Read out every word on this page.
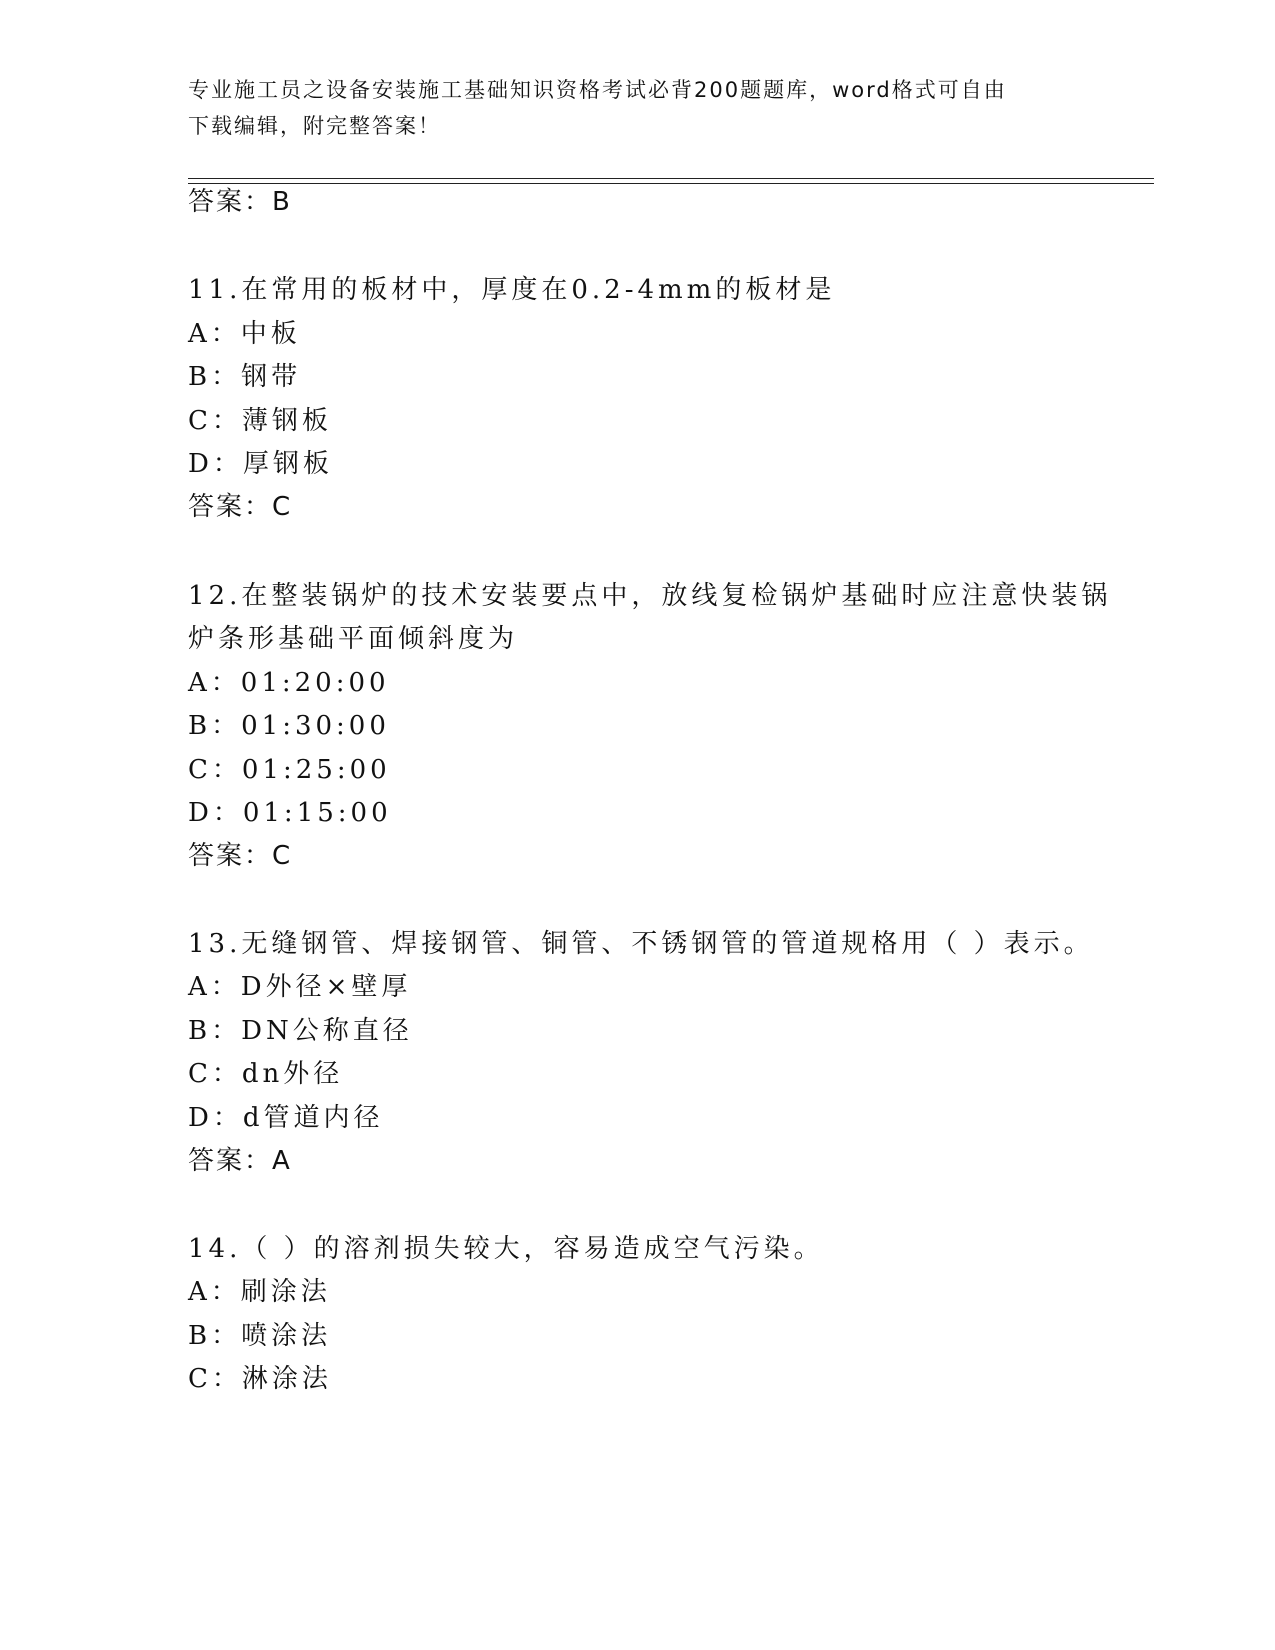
专业施工员之设备安装施工基础知识资格考试必背200题题库，word格式可自由
下载编辑，附完整答案！
答案：B
11.在常用的板材中，厚度在0.2-4mm的板材是
A：中板
B：钢带
C：薄钢板
D：厚钢板
答案：C
12.在整装锅炉的技术安装要点中，放线复检锅炉基础时应注意快装锅
炉条形基础平面倾斜度为
A：01:20:00
B：01:30:00
C：01:25:00
D：01:15:00
答案：C
13.无缝钢管、焊接钢管、铜管、不锈钢管的管道规格用（ ）表示。
A：D外径×壁厚
B：DN公称直径
C：dn外径
D：d管道内径
答案：A
14.（ ）的溶剂损失较大，容易造成空气污染。
A：刷涂法
B：喷涂法
C：淋涂法
